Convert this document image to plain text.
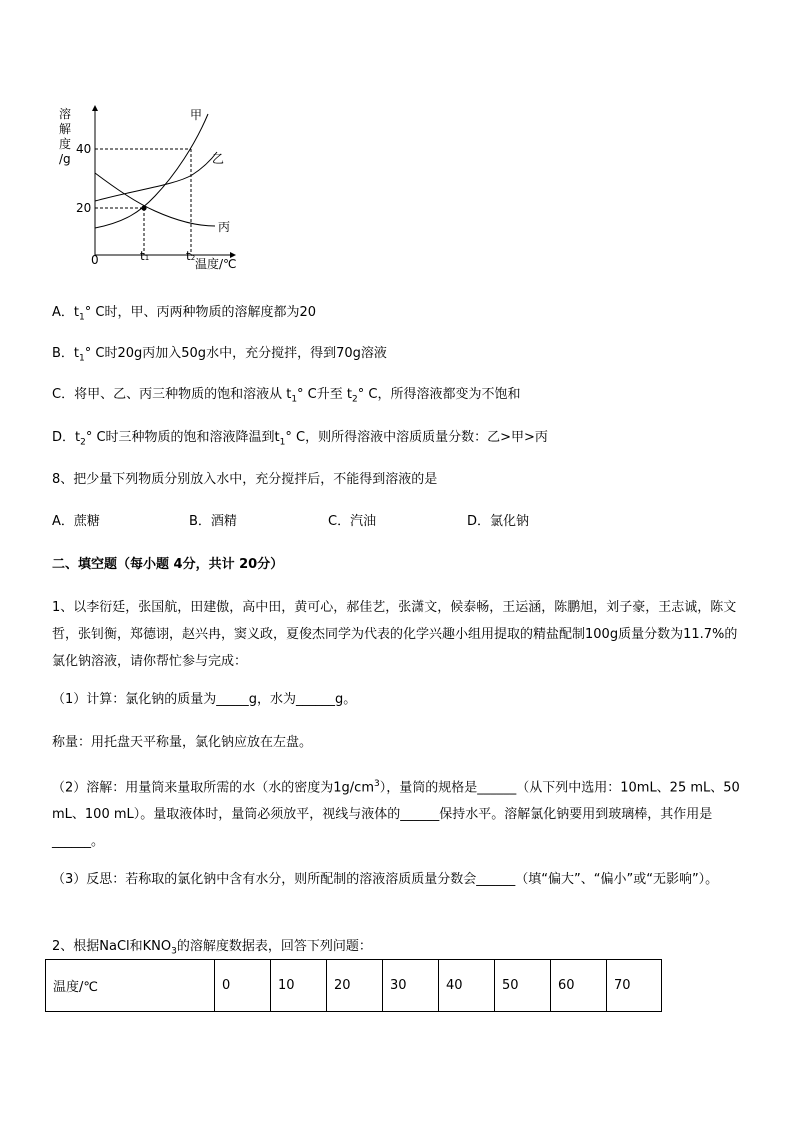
溶
解
度
/g
40
20
0	t1	t2 温度/℃
甲
乙
丙
A．$t_1^\circ$ C时，甲、丙两种物质的溶解度都为20
B．$t_1^\circ$ C时20g丙加入50g水中，充分搅拌，得到70g溶液
C．将甲、乙、丙三种物质的饱和溶液从 $t_1^\circ$ C升至 $t_2^\circ$ C，所得溶液都变为不饱和
D．$t_2^\circ$ C时三种物质的饱和溶液降温到$t_1^\circ$ C，则所得溶液中溶质质量分数：乙>甲>丙
8、把少量下列物质分别放入水中，充分搅拌后，不能得到溶液的是
A．蔗糖	B．酒精	C．汽油	D．氯化钠
二、填空题（每小题 4分，共计 20分）
1、以李衍廷，张国航，田建傲，高中田，黄可心，郝佳艺，张潇文，候泰畅，王运涵，陈鹏旭，刘子豪，王志诚，陈文哲，张钊衡，郑德诩，赵兴冉，窦义政，夏俊杰同学为代表的化学兴趣小组用提取的精盐配制100g质量分数为11.7%的氯化钠溶液，请你帮忙参与完成：
（1）计算：氯化钠的质量为_____g，水为______g。
称量：用托盘天平称量，氯化钠应放在左盘。
（2）溶解：用量筒来量取所需的水（水的密度为$1g/cm^3$），量筒的规格是______（从下列中选用：10mL、25 mL、50 mL、100 mL）。量取液体时，量筒必须放平，视线与液体的______保持水平。溶解氯化钠要用到玻璃棒，其作用是______。
（3）反思：若称取的氯化钠中含有水分，则所配制的溶液溶质质量分数会______（填“偏大”、“偏小”或“无影响”）。
2、根据NaCl和$KNO_3$的溶解度数据表，回答下列问题：
温度/℃	0	10	20	30	40	50	60	70
